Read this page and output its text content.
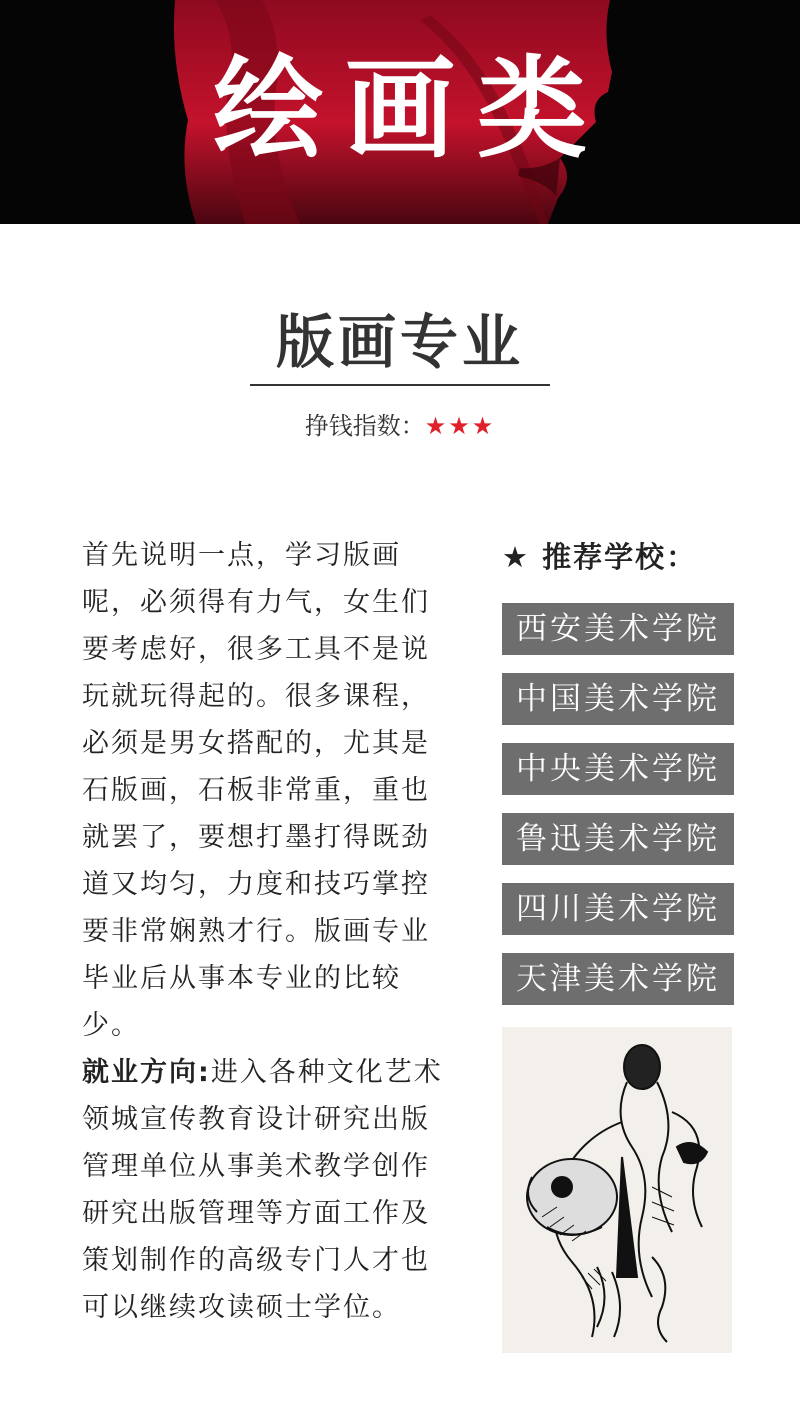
绘画类
版画专业
挣钱指数：★★★

首先说明一点，学习版画呢，必须得有力气，女生们要考虑好，很多工具不是说玩就玩得起的。很多课程，必须是男女搭配的，尤其是石版画，石板非常重，重也就罢了，要想打墨打得既劲道又均匀，力度和技巧掌控要非常娴熟才行。版画专业毕业后从事本专业的比较少。

就业方向:进入各种文化艺术领城宣传教育设计研究出版管理单位从事美术教学创作研究出版管理等方面工作及策划制作的高级专门人才也可以继续攻读硕士学位。

★ 推荐学校：
西安美术学院
中国美术学院
中央美术学院
鲁迅美术学院
四川美术学院
天津美术学院
